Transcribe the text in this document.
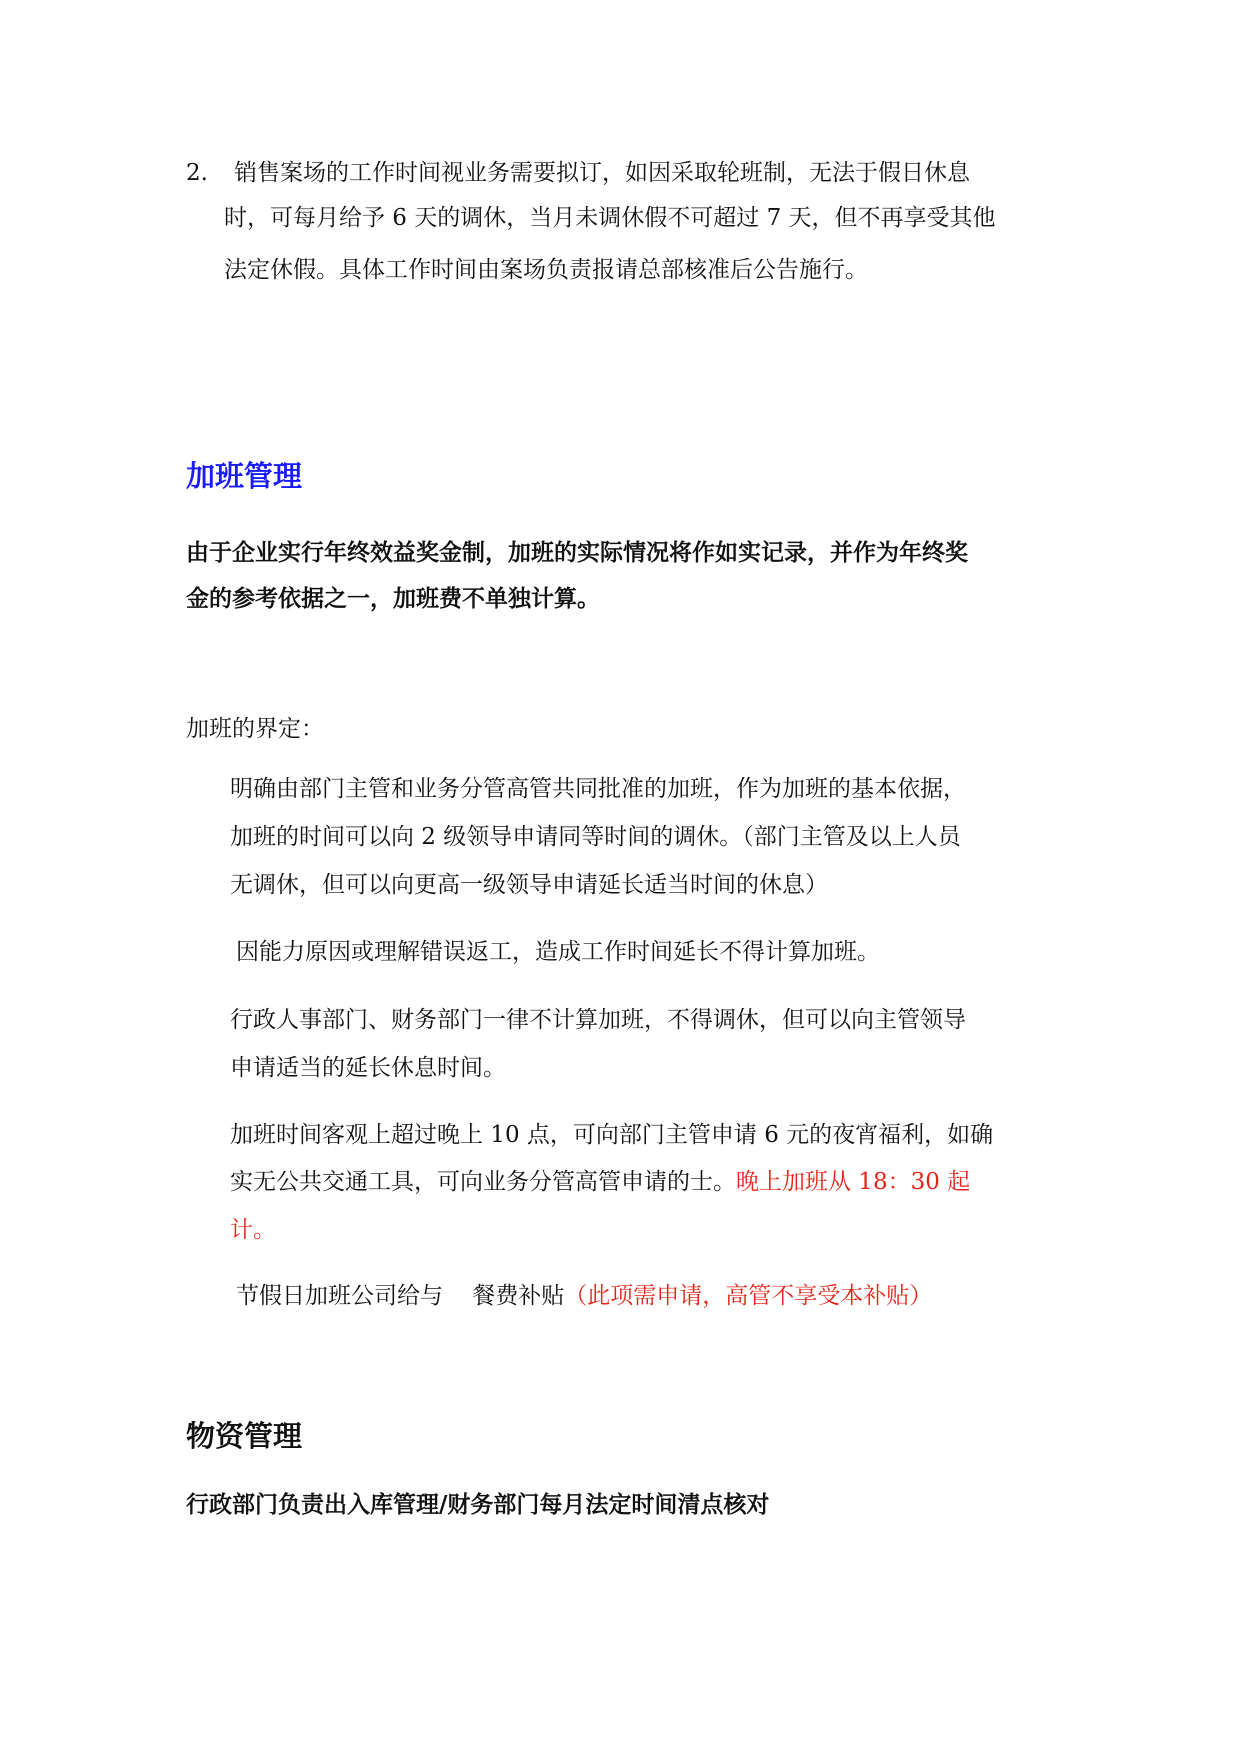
2. 销售案场的工作时间视业务需要拟订，如因采取轮班制，无法于假日休息
时，可每月给予 6 天的调休，当月未调休假不可超过 7 天，但不再享受其他
法定休假。具体工作时间由案场负责报请总部核准后公告施行。
加班管理
由于企业实行年终效益奖金制，加班的实际情况将作如实记录，并作为年终奖
金的参考依据之一，加班费不单独计算。
加班的界定：
明确由部门主管和业务分管高管共同批准的加班，作为加班的基本依据，
加班的时间可以向 2 级领导申请同等时间的调休。（部门主管及以上人员
无调休，但可以向更高一级领导申请延长适当时间的休息）
因能力原因或理解错误返工，造成工作时间延长不得计算加班。
行政人事部门、财务部门一律不计算加班，不得调休，但可以向主管领导
申请适当的延长休息时间。
加班时间客观上超过晚上 10 点，可向部门主管申请 6 元的夜宵福利，如确
实无公共交通工具，可向业务分管高管申请的士。晚上加班从 18：30 起
计。
节假日加班公司给与    餐费补贴（此项需申请，高管不享受本补贴）
物资管理
行政部门负责出入库管理/财务部门每月法定时间清点核对
